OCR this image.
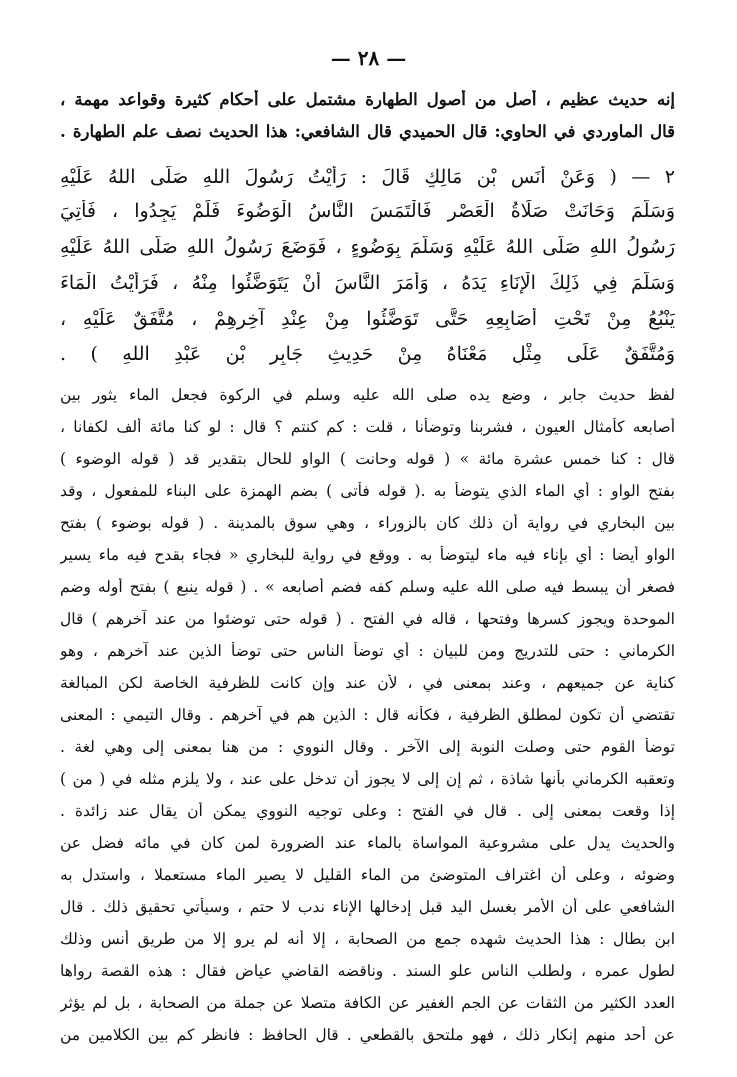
— ٢٨ —
إنه حديث عظيم ، أصل من أصول الطهارة مشتمل على أحكام كثيرة وقواعد مهمة ،
قال الماوردي في الحاوي: قال الحميدي قال الشافعي: هذا الحديث نصف علم الطهارة .
٢ — ( وَعَنْ أَنَسِ بْنِ مَالِكٍ قَالَ : رَأَيْتُ رَسُولَ اللهِ صَلَّى اللهُ عَلَيْهِ
وَسَلَّمَ وَحَانَتْ صَلَاةُ الْعَصْرِ فَالْتَمَسَ النَّاسُ الْوَضُوءَ فَلَمْ يَجِدُوا ، فَأُتِيَ
رَسُولُ اللهِ صَلَّى اللهُ عَلَيْهِ وَسَلَّمَ بِوَضُوءٍ ، فَوَضَعَ رَسُولُ اللهِ صَلَّى اللهُ عَلَيْهِ
وَسَلَّمَ فِي ذَلِكَ الْإِنَاءِ يَدَهُ ، وَأَمَرَ النَّاسَ أَنْ يَتَوَضَّئُوا مِنْهُ ، فَرَأَيْتُ الْمَاءَ
يَنْبُعُ مِنْ تَحْتِ أَصَابِعِهِ حَتَّى تَوَضَّئُوا مِنْ عِنْدِ آخِرِهِمْ ، مُتَّفَقٌ عَلَيْهِ ،
وَمُتَّفَقٌ عَلَى مِثْلِ مَعْنَاهُ مِنْ حَدِيثِ جَابِرِ بْنِ عَبْدِ اللهِ ) .
لفظ حديث جابر ، وضع يده صلى الله عليه وسلم في الركوة فجعل الماء يثور بين
أصابعه كأمثال العيون ، فشربنا وتوضأنا ، قلت : كم كنتم ؟ قال : لو كنا مائة ألف لكفانا ،
قال : كنا خمس عشرة مائة » ( قوله وحانت ) الواو للحال بتقدير قد ( قوله الوضوء )
بفتح الواو : أي الماء الذي يتوضأ به .( قوله فأتى ) بضم الهمزة على البناء للمفعول ، وقد
بين البخاري في رواية أن ذلك كان بالزوراء ، وهي سوق بالمدينة . ( قوله بوضوء ) بفتح
الواو أيضا : أي بإناء فيه ماء ليتوضأ به . ووقع في رواية للبخاري « فجاء بقدح فيه ماء يسير
فصغر أن يبسط فيه صلى الله عليه وسلم كفه فضم أصابعه » . ( قوله ينبع ) بفتح أوله وضم
الموحدة ويجوز كسرها وفتحها ، قاله في الفتح . ( قوله حتى توضئوا من عند آخرهم ) قال
الكرماني : حتى للتدريج ومن للبيان : أي توضأ الناس حتى توضأ الذين عند آخرهم ، وهو
كناية عن جميعهم ، وعند بمعنى في ، لأن عند وإن كانت للظرفية الخاصة لكن المبالغة
تقتضي أن تكون لمطلق الظرفية ، فكأنه قال : الذين هم في آخرهم . وقال التيمي : المعنى
توضأ القوم حتى وصلت النوبة إلى الآخر . وقال النووي : من هنا بمعنى إلى وهي لغة .
وتعقبه الكرماني بأنها شاذة ، ثم إن إلى لا يجوز أن تدخل على عند ، ولا يلزم مثله في ( من )
إذا وقعت بمعنى إلى . قال في الفتح : وعلى توجيه النووي يمكن أن يقال عند زائدة .
والحديث يدل على مشروعية المواساة بالماء عند الضرورة لمن كان في مائه فضل عن
وضوئه ، وعلى أن اغتراف المتوضئ من الماء القليل لا يصير الماء مستعملا ، واستدل به
الشافعي على أن الأمر بغسل اليد قبل إدخالها الإناء ندب لا حتم ، وسيأتي تحقيق ذلك . قال
ابن بطال : هذا الحديث شهده جمع من الصحابة ، إلا أنه لم يرو إلا من طريق أنس وذلك
لطول عمره ، ولطلب الناس علو السند . وناقضه القاضي عياض فقال : هذه القصة رواها
العدد الكثير من الثقات عن الجم الغفير عن الكافة متصلا عن جملة من الصحابة ، بل لم يؤثر
عن أحد منهم إنكار ذلك ، فهو ملتحق بالقطعي . قال الحافظ : فانظر كم بين الكلامين من
